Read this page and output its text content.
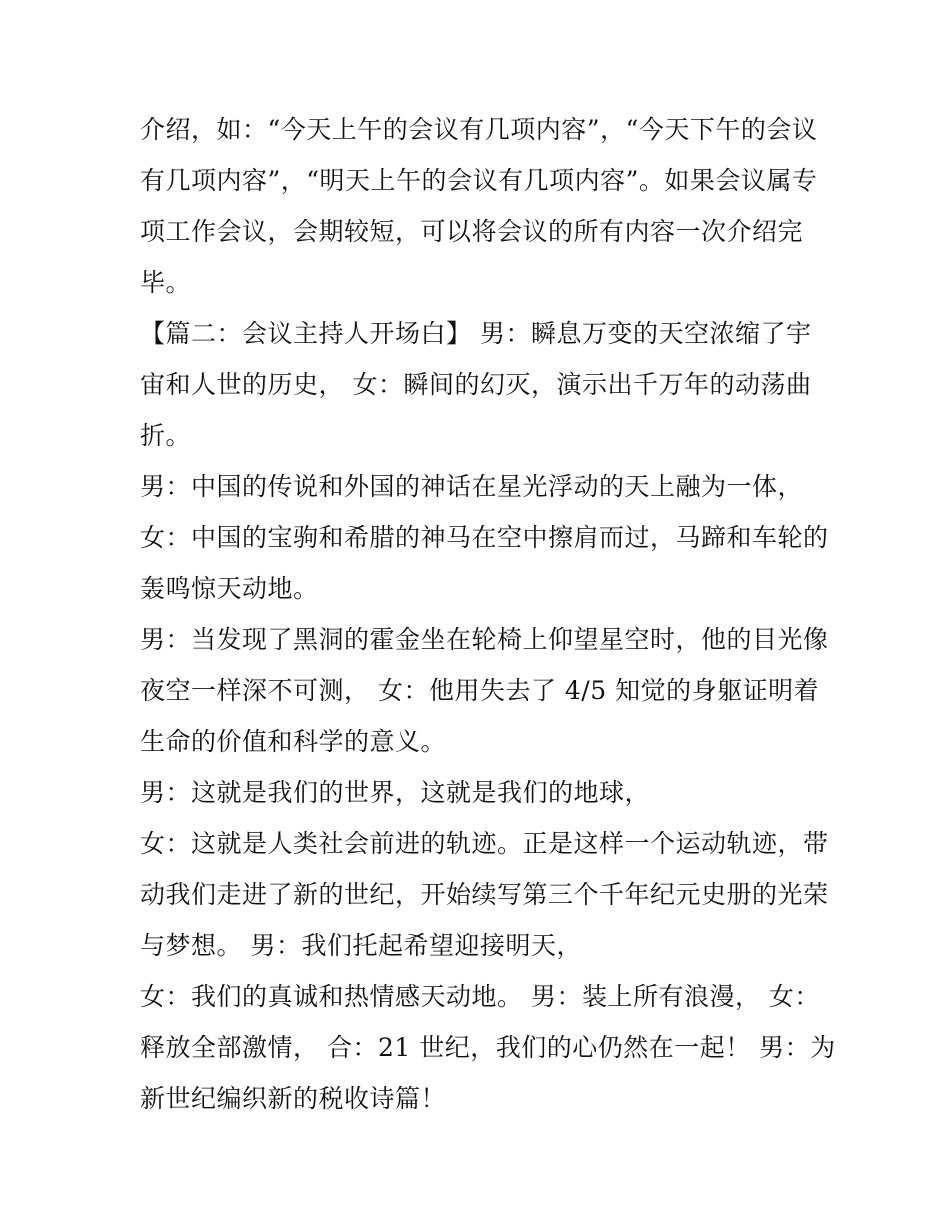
介绍，如：“今天上午的会议有几项内容”，“今天下午的会议
有几项内容”，“明天上午的会议有几项内容”。如果会议属专
项工作会议，会期较短，可以将会议的所有内容一次介绍完
毕。
【篇二：会议主持人开场白】 男：瞬息万变的天空浓缩了宇
宙和人世的历史， 女：瞬间的幻灭，演示出千万年的动荡曲
折。
男：中国的传说和外国的神话在星光浮动的天上融为一体，
女：中国的宝驹和希腊的神马在空中擦肩而过，马蹄和车轮的
轰鸣惊天动地。
男：当发现了黑洞的霍金坐在轮椅上仰望星空时，他的目光像
夜空一样深不可测， 女：他用失去了 4/5 知觉的身躯证明着
生命的价值和科学的意义。
男：这就是我们的世界，这就是我们的地球，
女：这就是人类社会前进的轨迹。正是这样一个运动轨迹，带
动我们走进了新的世纪，开始续写第三个千年纪元史册的光荣
与梦想。 男：我们托起希望迎接明天，
女：我们的真诚和热情感天动地。 男：装上所有浪漫， 女：
释放全部激情， 合：21 世纪，我们的心仍然在一起！ 男：为
新世纪编织新的税收诗篇！
